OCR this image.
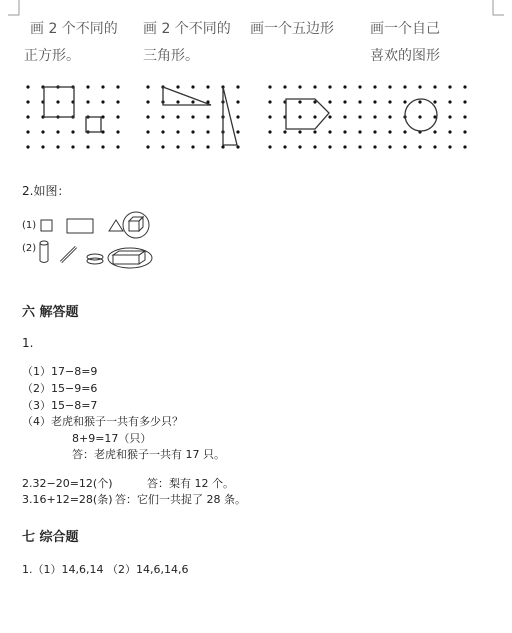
画 2 个不同的
正方形。
画 2 个不同的
三角形。
画一个五边形	画一个自己
喜欢的图形
2.如图：
(1)
(2)
六 解答题
1.
（1）17−8=9
（2）15−9=6
（3）15−8=7
（4）老虎和猴子一共有多少只？
8+9=17（只）
答：老虎和猴子一共有 17 只。
2.32−20=12(个)	答：梨有 12 个。
3.16+12=28(条) 答：它们一共捉了 28 条。
七 综合题
1.（1）14,6,14 （2）14,6,14,6
